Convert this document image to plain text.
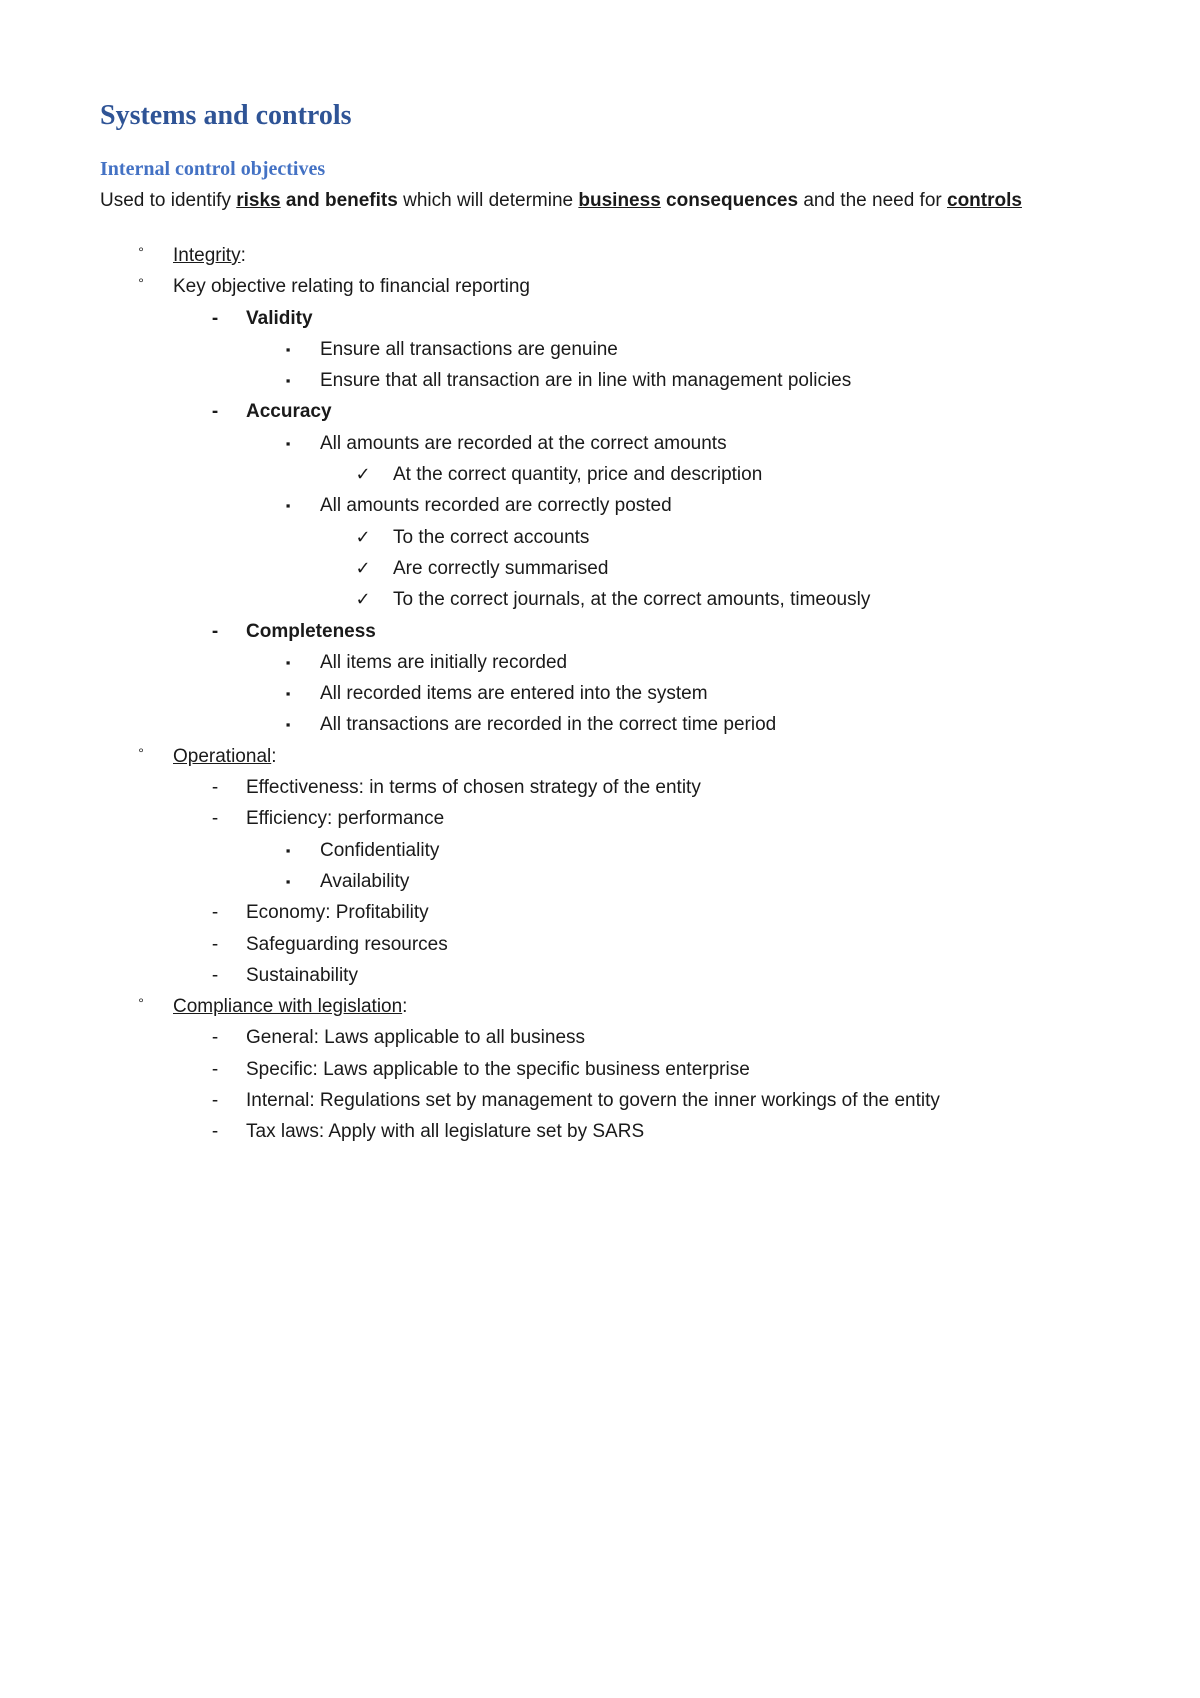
Systems and controls
Internal control objectives
Used to identify risks and benefits which will determine business consequences and the need for controls
°	Integrity:
°	Key objective relating to financial reporting
-	Validity
▪	Ensure all transactions are genuine
▪	Ensure that all transaction are in line with management policies
-	Accuracy
▪	All amounts are recorded at the correct amounts
✓ At the correct quantity, price and description
▪	All amounts recorded are correctly posted
✓ To the correct accounts
✓ Are correctly summarised
✓ To the correct journals, at the correct amounts, timeously
-	Completeness
▪	All items are initially recorded
▪	All recorded items are entered into the system
▪	All transactions are recorded in the correct time period
°	Operational:
-	Effectiveness: in terms of chosen strategy of the entity
-	Efficiency: performance
▪	Confidentiality
▪	Availability
-	Economy: Profitability
-	Safeguarding resources
-	Sustainability
°	Compliance with legislation:
-	General: Laws applicable to all business
-	Specific: Laws applicable to the specific business enterprise
-	Internal: Regulations set by management to govern the inner workings of the entity
-	Tax laws: Apply with all legislature set by SARS
